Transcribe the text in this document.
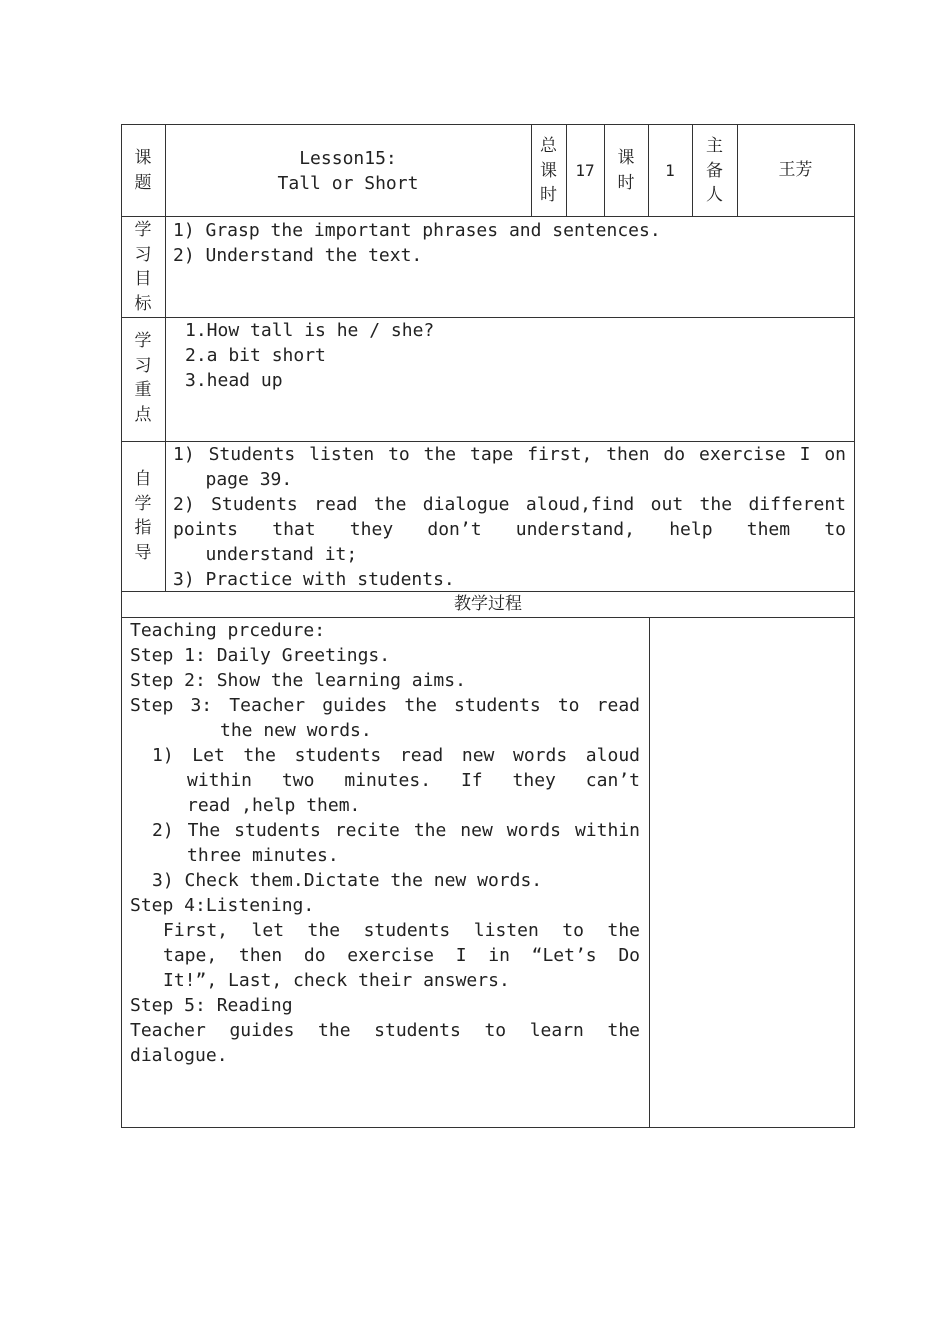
课
题
Lesson15:
Tall or Short
总
课
时
17
课
时
1
主
备
人
王芳
学
习
目
标
1) Grasp the important phrases and sentences.
2) Understand the text.
学
习
重
点
1.How tall is he / she?
2.a bit short
3.head up
自
学
指
导
1) Students listen to the tape first, then do exercise I on
page 39.
2) Students read the dialogue aloud,find out the different
points that they don’t understand, help them to
understand it;
3) Practice with students.
教学过程
Teaching prcedure:
Step 1: Daily Greetings.
Step 2: Show the learning aims.
Step 3: Teacher guides the students to read
the new words.
1) Let the students read new words aloud
within two minutes. If they can’t
read ,help them.
2) The students recite the new words within
three minutes.
3) Check them.Dictate the new words.
Step 4:Listening.
First, let the students listen to the
tape, then do exercise I in “Let’s Do
It!”, Last, check their answers.
Step 5: Reading
Teacher guides the students to learn the
dialogue.
